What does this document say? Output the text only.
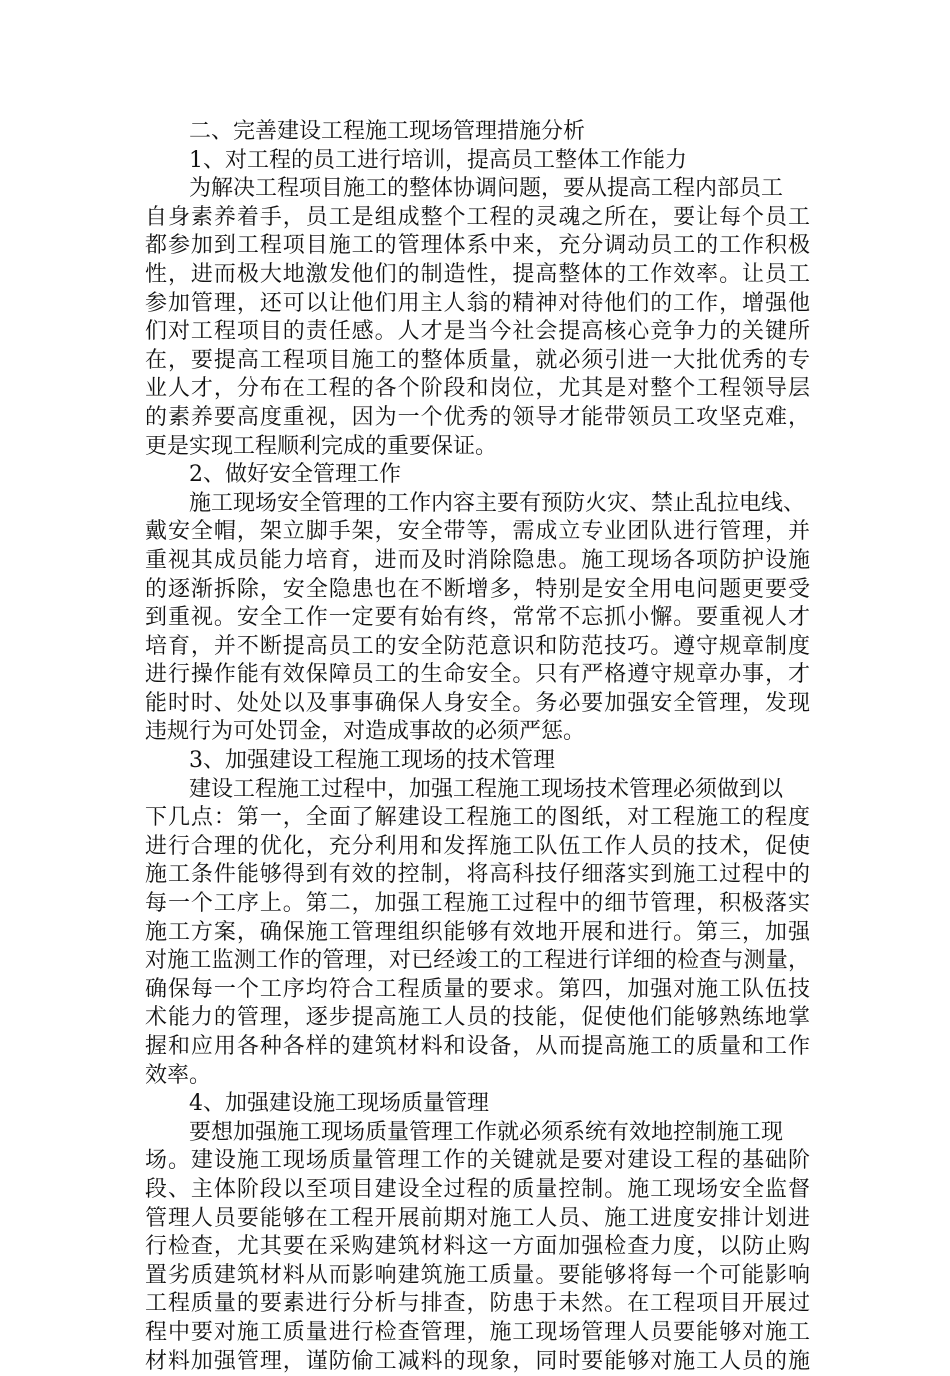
二、完善建设工程施工现场管理措施分析
1、对工程的员工进行培训，提高员工整体工作能力
为解决工程项目施工的整体协调问题，要从提高工程内部员工
自身素养着手，员工是组成整个工程的灵魂之所在，要让每个员工
都参加到工程项目施工的管理体系中来，充分调动员工的工作积极
性，进而极大地激发他们的制造性，提高整体的工作效率。让员工
参加管理，还可以让他们用主人翁的精神对待他们的工作，增强他
们对工程项目的责任感。人才是当今社会提高核心竞争力的关键所
在，要提高工程项目施工的整体质量，就必须引进一大批优秀的专
业人才，分布在工程的各个阶段和岗位，尤其是对整个工程领导层
的素养要高度重视，因为一个优秀的领导才能带领员工攻坚克难，
更是实现工程顺利完成的重要保证。
2、做好安全管理工作
施工现场安全管理的工作内容主要有预防火灾、禁止乱拉电线、
戴安全帽，架立脚手架，安全带等，需成立专业团队进行管理，并
重视其成员能力培育，进而及时消除隐患。施工现场各项防护设施
的逐渐拆除，安全隐患也在不断增多，特别是安全用电问题更要受
到重视。安全工作一定要有始有终，常常不忘抓小懈。要重视人才
培育，并不断提高员工的安全防范意识和防范技巧。遵守规章制度
进行操作能有效保障员工的生命安全。只有严格遵守规章办事，才
能时时、处处以及事事确保人身安全。务必要加强安全管理，发现
违规行为可处罚金，对造成事故的必须严惩。
3、加强建设工程施工现场的技术管理
建设工程施工过程中，加强工程施工现场技术管理必须做到以
下几点：第一，全面了解建设工程施工的图纸，对工程施工的程度
进行合理的优化，充分利用和发挥施工队伍工作人员的技术，促使
施工条件能够得到有效的控制，将高科技仔细落实到施工过程中的
每一个工序上。第二，加强工程施工过程中的细节管理，积极落实
施工方案，确保施工管理组织能够有效地开展和进行。第三，加强
对施工监测工作的管理，对已经竣工的工程进行详细的检查与测量，
确保每一个工序均符合工程质量的要求。第四，加强对施工队伍技
术能力的管理，逐步提高施工人员的技能，促使他们能够熟练地掌
握和应用各种各样的建筑材料和设备，从而提高施工的质量和工作
效率。
4、加强建设施工现场质量管理
要想加强施工现场质量管理工作就必须系统有效地控制施工现
场。建设施工现场质量管理工作的关键就是要对建设工程的基础阶
段、主体阶段以至项目建设全过程的质量控制。施工现场安全监督
管理人员要能够在工程开展前期对施工人员、施工进度安排计划进
行检查，尤其要在采购建筑材料这一方面加强检查力度，以防止购
置劣质建筑材料从而影响建筑施工质量。要能够将每一个可能影响
工程质量的要素进行分析与排查，防患于未然。在工程项目开展过
程中要对施工质量进行检查管理，施工现场管理人员要能够对施工
材料加强管理，谨防偷工减料的现象，同时要能够对施工人员的施
